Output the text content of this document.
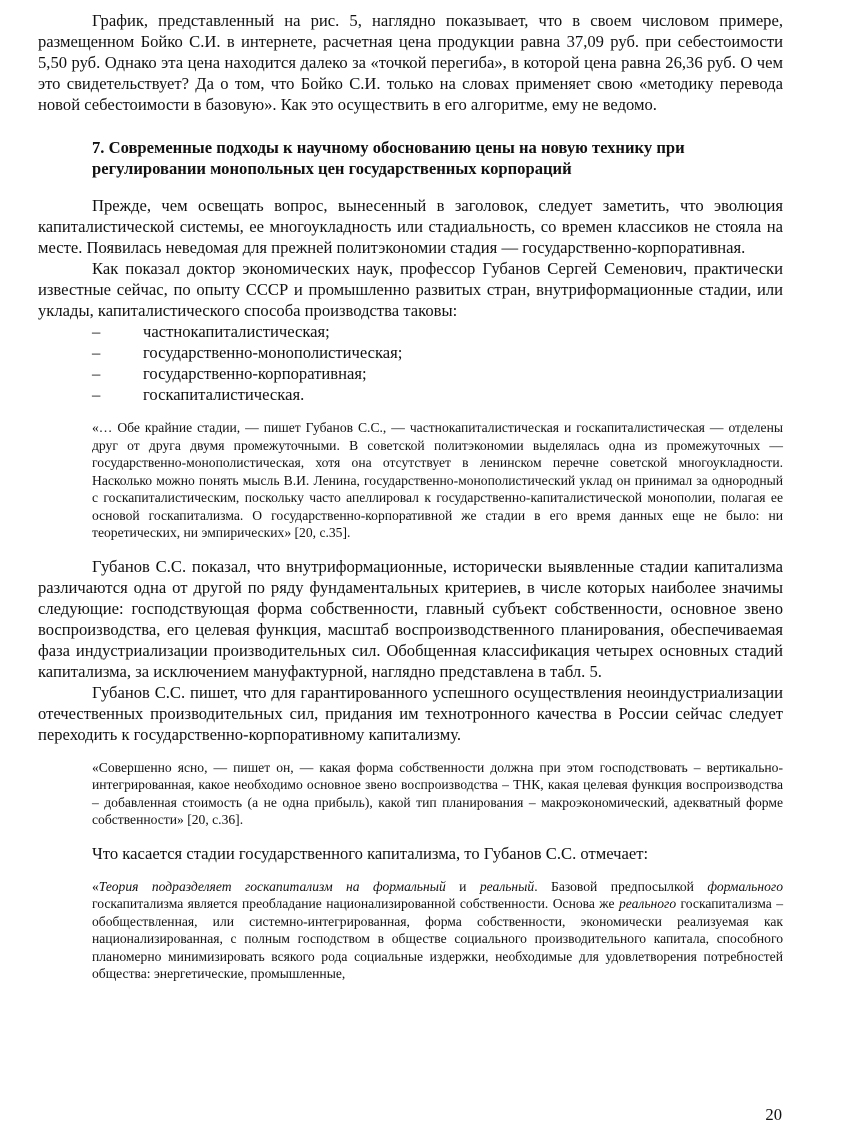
График, представленный на рис. 5, наглядно показывает, что в своем числовом примере, размещенном Бойко С.И. в интернете, расчетная цена продукции равна 37,09 руб. при себестоимости 5,50 руб. Однако эта цена находится далеко за «точкой перегиба», в которой цена равна 26,36 руб. О чем это свидетельствует? Да о том, что Бойко С.И. только на словах применяет свою «методику перевода новой себестоимости в базовую». Как это осуществить в его алгоритме, ему не ведомо.

7. Современные подходы к научному обоснованию цены на новую технику при регулировании монопольных цен государственных корпораций

Прежде, чем освещать вопрос, вынесенный в заголовок, следует заметить, что эволюция капиталистической системы, ее многоукладность или стадиальность, со времен классиков не стояла на месте. Появилась неведомая для прежней политэкономии стадия — государственно-корпоративная.

Как показал доктор экономических наук, профессор Губанов Сергей Семенович, практически известные сейчас, по опыту СССР и промышленно развитых стран, внутриформационные стадии, или уклады, капиталистического способа производства таковы:

–	частнокапиталистическая;
–	государственно-монополистическая;
–	государственно-корпоративная;
–	госкапиталистическая.

«… Обе крайние стадии, — пишет Губанов С.С., — частнокапиталистическая и госкапиталистическая — отделены друг от друга двумя промежуточными. В советской политэкономии выделялась одна из промежуточных — государственно-монополистическая, хотя она отсутствует в ленинском перечне советской многоукладности. Насколько можно понять мысль В.И. Ленина, государственно-монополистический уклад он принимал за однородный с госкапиталистическим, поскольку часто апеллировал к государственно-капиталистической монополии, полагая ее основой госкапитализма. О государственно-корпоративной же стадии в его время данных еще не было: ни теоретических, ни эмпирических» [20, с.35].

Губанов С.С. показал, что внутриформационные, исторически выявленные стадии капитализма различаются одна от другой по ряду фундаментальных критериев, в числе которых наиболее значимы следующие: господствующая форма собственности, главный субъект собственности, основное звено воспроизводства, его целевая функция, масштаб воспроизводственного планирования, обеспечиваемая фаза индустриализации производительных сил. Обобщенная классификация четырех основных стадий капитализма, за исключением мануфактурной, наглядно представлена в табл. 5.

Губанов С.С. пишет, что для гарантированного успешного осуществления неоиндустриализации отечественных производительных сил, придания им технотронного качества в России сейчас следует переходить к государственно-корпоративному капитализму.

«Совершенно ясно, — пишет он, — какая форма собственности должна при этом господствовать – вертикально-интегрированная, какое необходимо основное звено воспроизводства – ТНК, какая целевая функция воспроизводства – добавленная стоимость (а не одна прибыль), какой тип планирования – макроэкономический, адекватный форме собственности» [20, с.36].

Что касается стадии государственного капитализма, то Губанов С.С. отмечает:

«Теория подразделяет госкапитализм на формальный и реальный. Базовой предпосылкой формального госкапитализма является преобладание национализированной собственности. Основа же реального госкапитализма – обобществленная, или системно-интегрированная, форма собственности, экономически реализуемая как национализированная, с полным господством в обществе социального производительного капитала, способного планомерно минимизировать всякого рода социальные издержки, необходимые для удовлетворения потребностей общества: энергетические, промышленные,

20
